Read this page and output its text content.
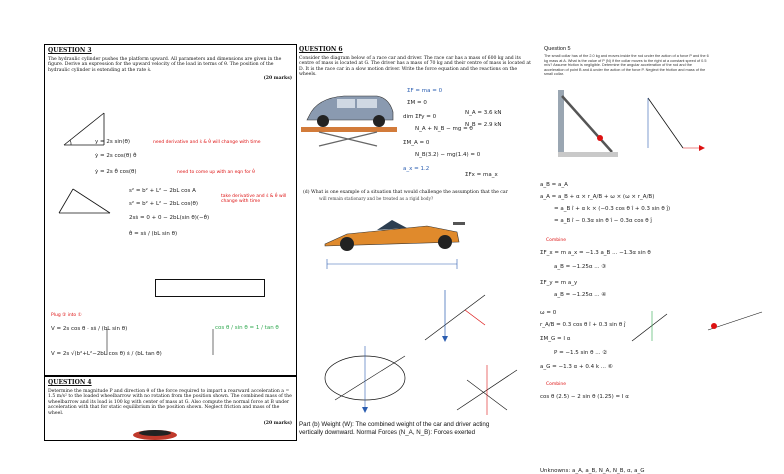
QUESTION 3
The hydraulic cylinder pushes the platform upward. All parameters and dimensions are given in the figure. Derive an expression for the upward velocity of the load in terms of θ. The position of the hydraulic cylinder is extending at the rate ṡ.
(20 marks)
y = 2s sin(θ)
ẏ = 2s cos(θ) θ̇
ẏ = 2s θ̇ cos(θ)
need derivative and ṡ & θ̇ will change with time
need to come up with an eqn for θ̇
s² = b² + L² − 2bL cos A
s² = b² + L² − 2bL cos(θ)
2sṡ = 0 + 0 − 2bL(sin θ)(−θ̇)
θ̇ = sṡ / (bL sin θ)
take derivative and ṡ & θ̇ will change with time
Plug ② into ①
V = 2s cos θ · sṡ / (bL sin θ)
V = 2s √(b²+L²−2bL cos θ) ṡ / (bL tan θ)
cos θ / sin θ = 1 / tan θ
QUESTION 4
Determine the magnitude P and direction θ of the force required to impart a rearward acceleration a = 1.5 m/s² to the loaded wheelbarrow with no rotation from the position shown. The combined mass of the wheelbarrow and its load is 100 kg with center of mass at G. Also compute the normal force at B under acceleration with that for static equilibrium in the position shown. Neglect friction and mass of the wheel.
(20 marks)
QUESTION 6
Consider the diagram below of a race car and driver. The race car has a mass of 600 kg and its centre of mass is located at G. The driver has a mass of 70 kg and their centre of mass is located at D. It is the race car in a slow motion driver. Write the force equation and the reactions on the wheels.
ΣF = ma = 0
ΣM = 0
dim ΣFy = 0
N_A + N_B − mg = 0
ΣM_A = 0
N_B(3.2) − mg(1.4) = 0
a_x = 1.2
N_A = 3.6 kN
N_B = 2.9 kN
ΣFx = ma_x
(d) What is one example of a situation that would challenge the assumption that the car
will remain stationary and be treated as a rigid body?
Part (b) Weight (W): The combined weight of the car and driver acting vertically downward. Normal Forces (N_A, N_B): Forces exerted
Question 5
The small collar has of the 2.0 kg and moves inside the rod under the action of a force P and the 6 kg mass at A. What is the value of P (N) if the collar moves to the right at a constant speed of 0.5 m/s? Assume friction is negligible. Determine the angular acceleration of the rod and the acceleration of point B and A under the action of the force P. Neglect the friction and mass of the small collar.
a_B = a_A
a_A = a_B + α × r_A/B + ω × (ω × r_A/B)
= a_B î + α k × (−0.3 cos θ î + 0.3 sin θ ĵ)
= a_B î − 0.3α sin θ î − 0.3α cos θ ĵ
Combine
ΣF_x = m a_x = −1.3 a_B ... −1.3α sin θ
a_B = −1.25α ... ③
ΣF_y = m a_y
a_B = −1.25α ... ④
ω = 0
r_A/B = 0.3 cos θ î + 0.3 sin θ ĵ
ΣM_G = I α
P = −1.5 sin θ ... ②
a_G = −1.3 α + 0.4 k ... ⑥
Combine
cos θ (2.5) − 2 sin θ (1.25) = I α
Unknowns: a_A, a_B, N_A, N_B, α, a_G
